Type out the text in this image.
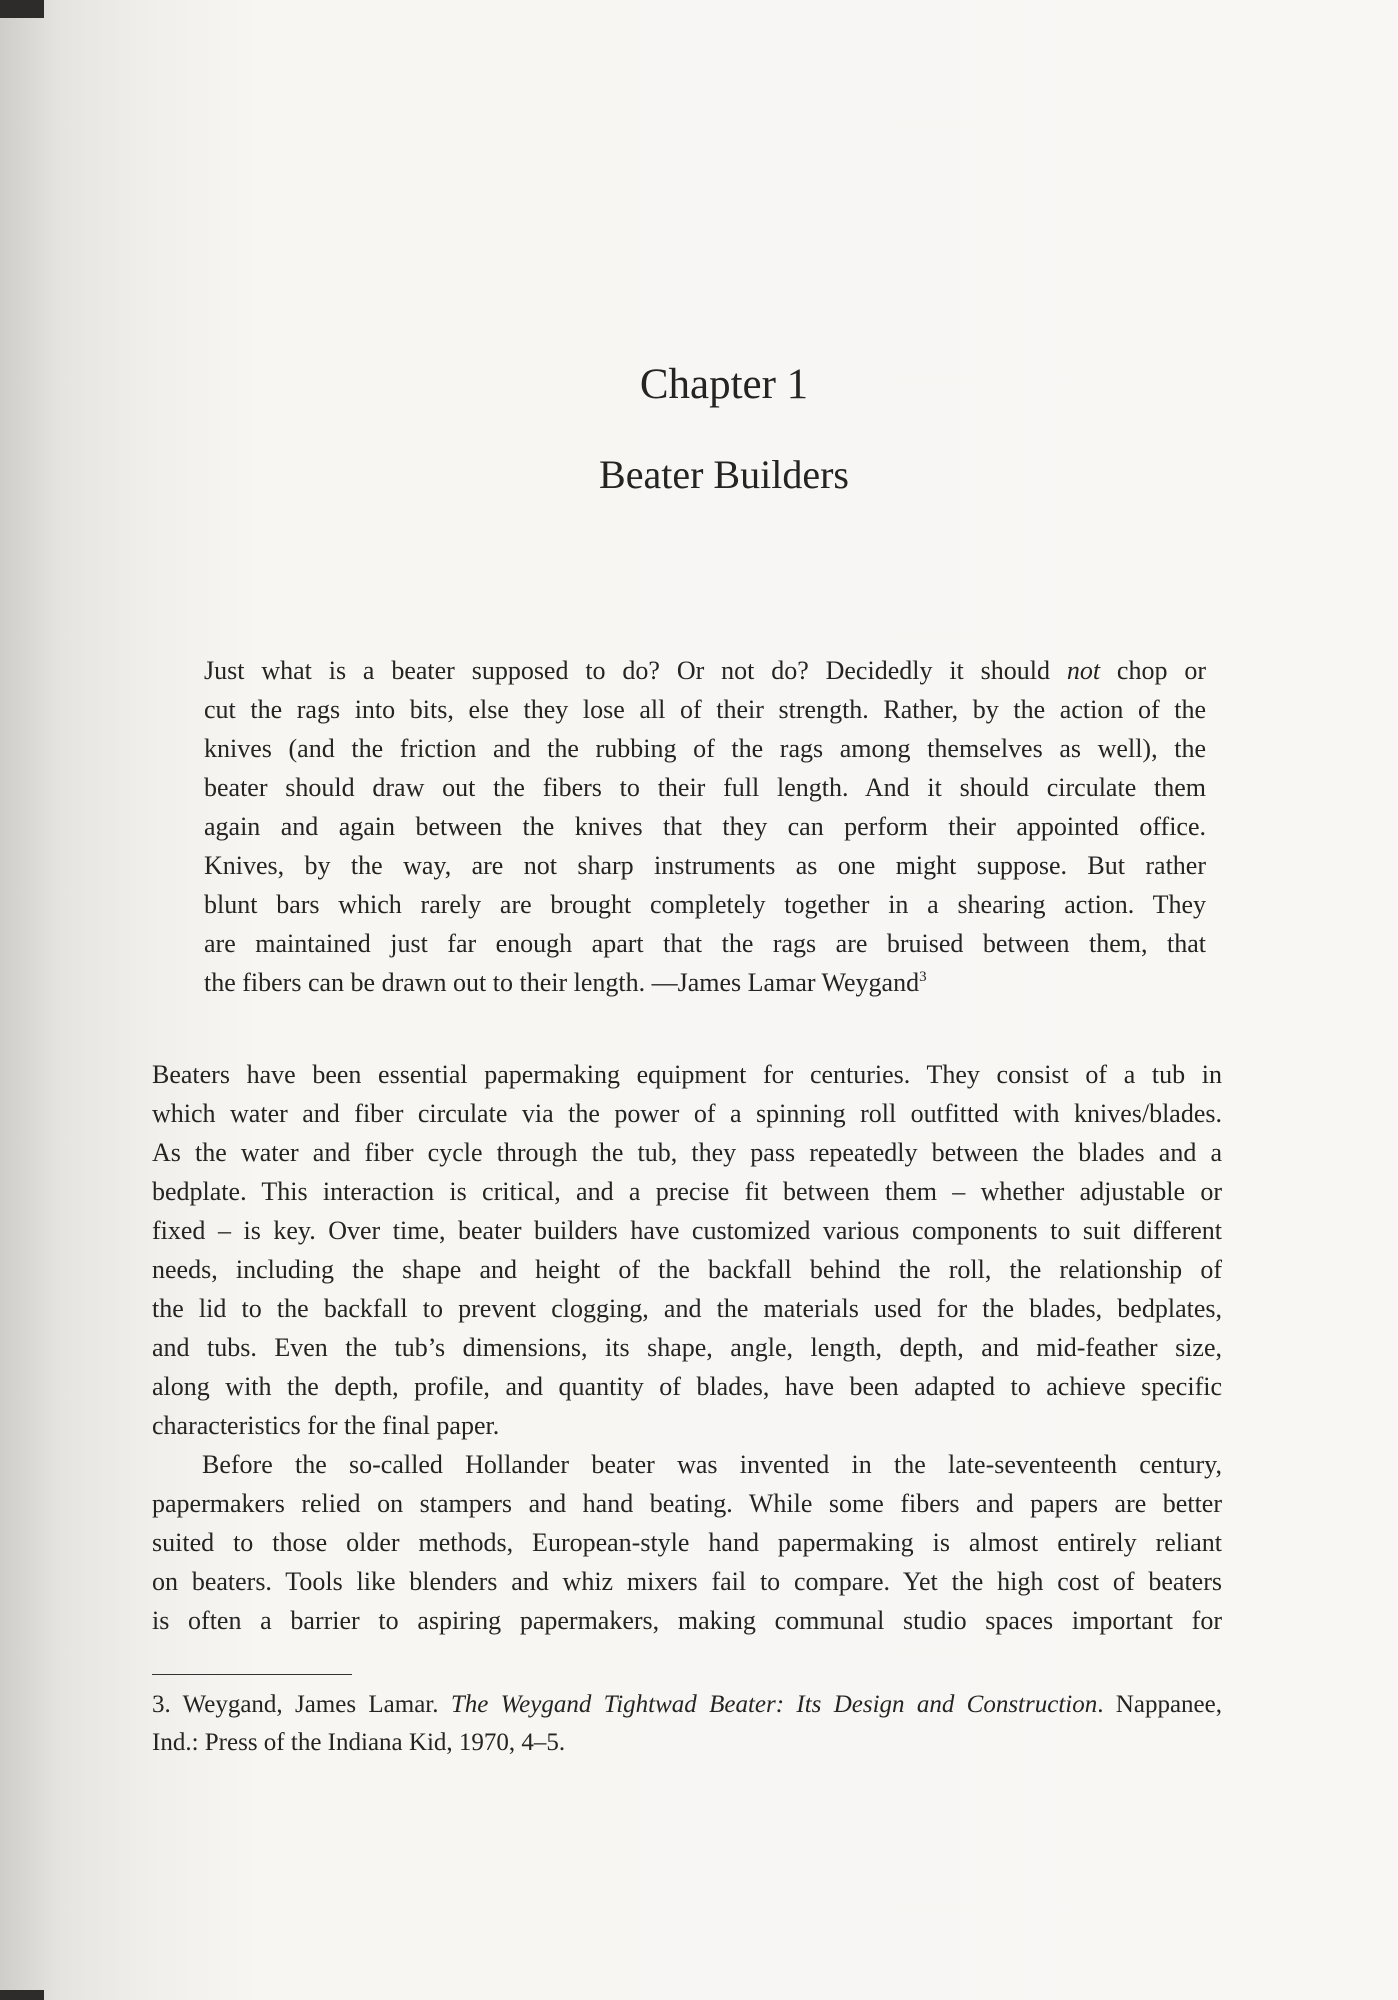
Chapter 1
Beater Builders
Just what is a beater supposed to do? Or not do? Decidedly it should not chop or
cut the rags into bits, else they lose all of their strength. Rather, by the action of the
knives (and the friction and the rubbing of the rags among themselves as well), the
beater should draw out the fibers to their full length. And it should circulate them
again and again between the knives that they can perform their appointed office.
Knives, by the way, are not sharp instruments as one might suppose. But rather
blunt bars which rarely are brought completely together in a shearing action. They
are maintained just far enough apart that the rags are bruised between them, that
the fibers can be drawn out to their length. —James Lamar Weygand$^3$
Beaters have been essential papermaking equipment for centuries. They consist of a tub in
which water and fiber circulate via the power of a spinning roll outfitted with knives/blades.
As the water and fiber cycle through the tub, they pass repeatedly between the blades and a
bedplate. This interaction is critical, and a precise fit between them – whether adjustable or
fixed – is key. Over time, beater builders have customized various components to suit different
needs, including the shape and height of the backfall behind the roll, the relationship of
the lid to the backfall to prevent clogging, and the materials used for the blades, bedplates,
and tubs. Even the tub’s dimensions, its shape, angle, length, depth, and mid-feather size,
along with the depth, profile, and quantity of blades, have been adapted to achieve specific
characteristics for the final paper.
Before the so-called Hollander beater was invented in the late-seventeenth century,
papermakers relied on stampers and hand beating. While some fibers and papers are better
suited to those older methods, European-style hand papermaking is almost entirely reliant
on beaters. Tools like blenders and whiz mixers fail to compare. Yet the high cost of beaters
is often a barrier to aspiring papermakers, making communal studio spaces important for
3. Weygand, James Lamar. The Weygand Tightwad Beater: Its Design and Construction. Nappanee,
Ind.: Press of the Indiana Kid, 1970, 4–5.
